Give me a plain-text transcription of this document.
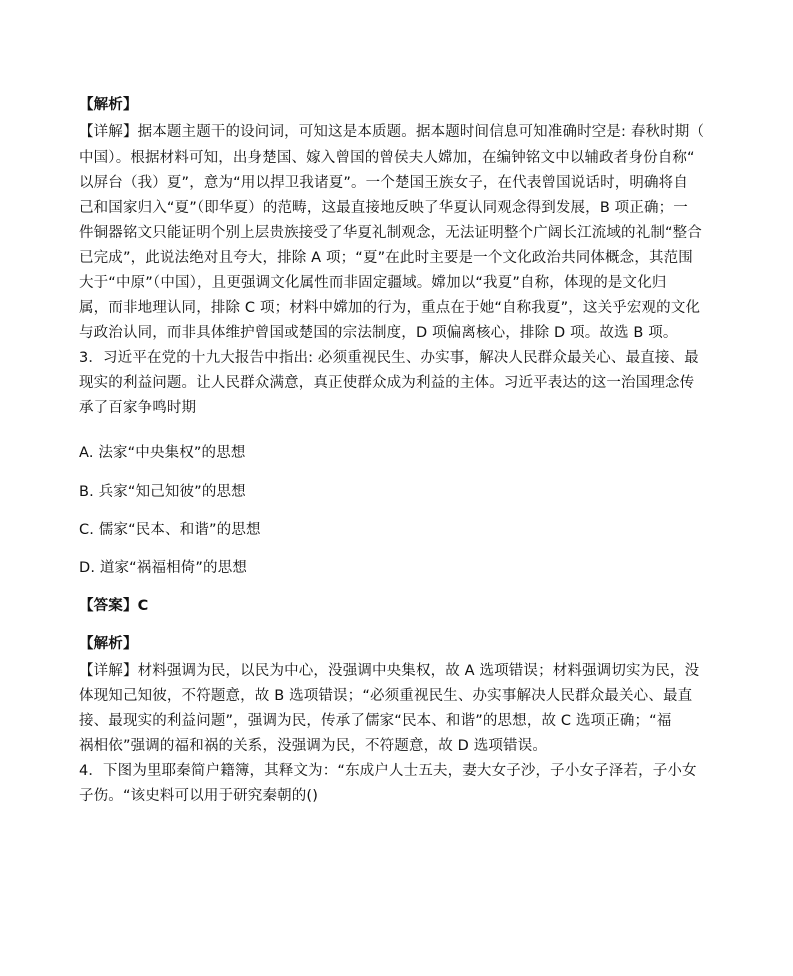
【解析】
【详解】据本题主题干的设问词，可知这是本质题。据本题时间信息可知准确时空是: 春秋时期（
中国）。根据材料可知，出身楚国、嫁入曾国的曾侯夫人嫦加，在编钟铭文中以辅政者身份自称“
以屏台（我）夏”，意为“用以捍卫我诸夏”。一个楚国王族女子，在代表曾国说话时，明确将自
己和国家归入“夏”（即华夏）的范畴，这最直接地反映了华夏认同观念得到发展，B 项正确；一
件铜器铭文只能证明个别上层贵族接受了华夏礼制观念，无法证明整个广阔长江流域的礼制“整合
已完成”，此说法绝对且夸大，排除 A 项；“夏”在此时主要是一个文化政治共同体概念，其范围
大于“中原”（中国），且更强调文化属性而非固定疆域。嫦加以“我夏”自称，体现的是文化归
属，而非地理认同，排除 C 项；材料中嫦加的行为，重点在于她“自称我夏”，这关乎宏观的文化
与政治认同，而非具体维护曾国或楚国的宗法制度，D 项偏离核心，排除 D 项。故选 B 项。
3．习近平在党的十九大报告中指出: 必须重视民生、办实事，解决人民群众最关心、最直接、最
现实的利益问题。让人民群众满意，真正使群众成为利益的主体。习近平表达的这一治国理念传
承了百家争鸣时期
A. 法家“中央集权”的思想
B. 兵家“知己知彼”的思想
C. 儒家“民本、和谐”的思想
D. 道家“祸福相倚”的思想
【答案】C
【解析】
【详解】材料强调为民，以民为中心，没强调中央集权，故 A 选项错误；材料强调切实为民，没
体现知己知彼，不符题意，故 B 选项错误；“必须重视民生、办实事解决人民群众最关心、最直
接、最现实的利益问题”，强调为民，传承了儒家“民本、和谐”的思想，故 C 选项正确；“福
祸相依”强调的福和祸的关系，没强调为民，不符题意，故 D 选项错误。
4．下图为里耶秦简户籍簿，其释文为：“东成户人士五夫，妻大女子沙，子小女子泽若，子小女
子伤。“该史料可以用于研究秦朝的()
